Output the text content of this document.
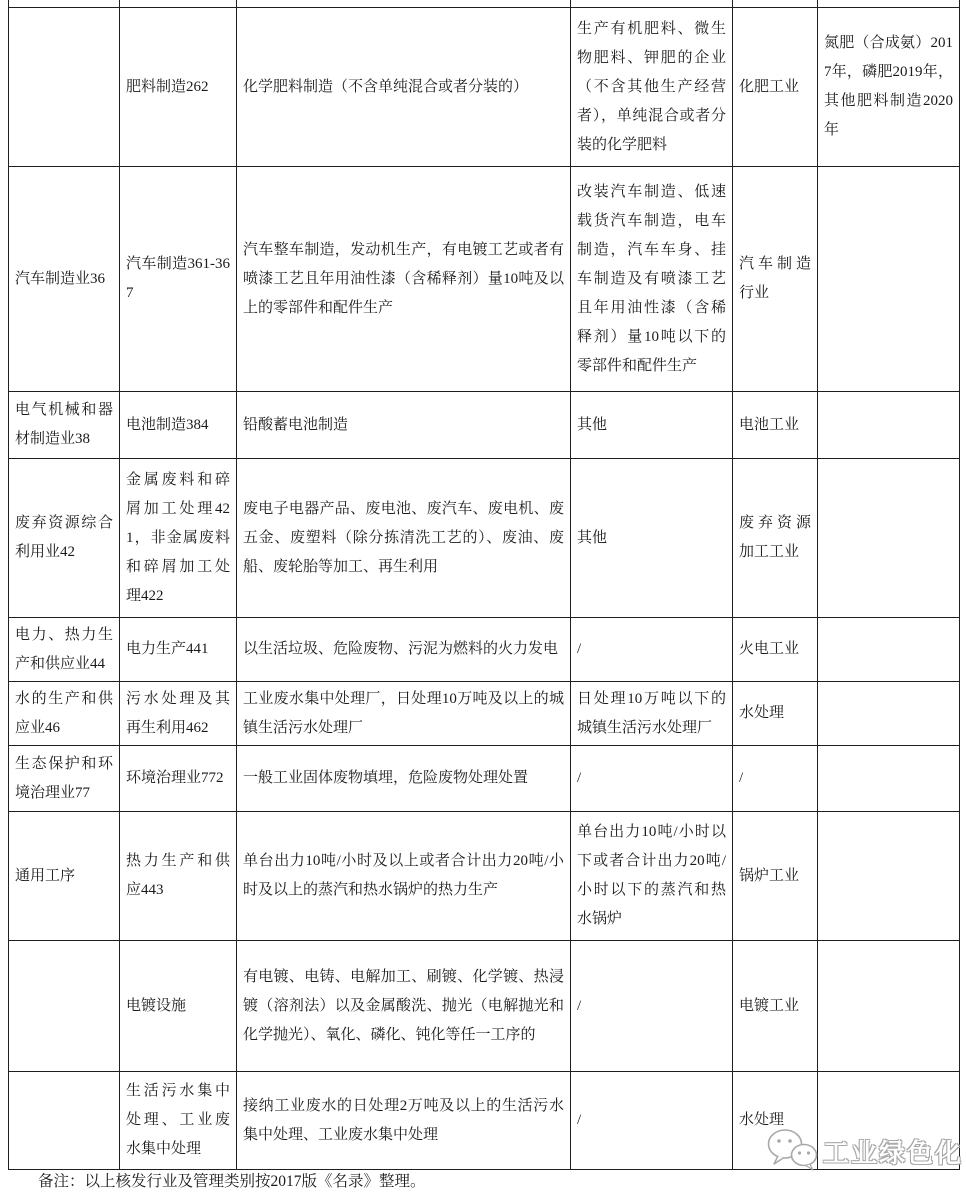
	肥料制造262	化学肥料制造（不含单纯混合或者分装的）	生产有机肥料、微生物肥料、钾肥的企业（不含其他生产经营者），单纯混合或者分装的化学肥料	化肥工业	氮肥（合成氨）2017年，磷肥2019年，其他肥料制造2020年
汽车制造业36	汽车制造361-367	汽车整车制造，发动机生产，有电镀工艺或者有喷漆工艺且年用油性漆（含稀释剂）量10吨及以上的零部件和配件生产	改装汽车制造、低速载货汽车制造，电车制造，汽车车身、挂车制造及有喷漆工艺且年用油性漆（含稀释剂）量10吨以下的零部件和配件生产	汽车制造行业	
电气机械和器材制造业38	电池制造384	铅酸蓄电池制造	其他	电池工业	
废弃资源综合利用业42	金属废料和碎屑加工处理421，非金属废料和碎屑加工处理422	废电子电器产品、废电池、废汽车、废电机、废五金、废塑料（除分拣清洗工艺的）、废油、废船、废轮胎等加工、再生利用	其他	废弃资源加工工业	
电力、热力生产和供应业44	电力生产441	以生活垃圾、危险废物、污泥为燃料的火力发电	/	火电工业	
水的生产和供应业46	污水处理及其再生利用462	工业废水集中处理厂，日处理10万吨及以上的城镇生活污水处理厂	日处理10万吨以下的城镇生活污水处理厂	水处理	
生态保护和环境治理业77	环境治理业772	一般工业固体废物填埋，危险废物处理处置	/	/	
通用工序	热力生产和供应443	单台出力10吨/小时及以上或者合计出力20吨/小时及以上的蒸汽和热水锅炉的热力生产	单台出力10吨/小时以下或者合计出力20吨/小时以下的蒸汽和热水锅炉	锅炉工业	
	电镀设施	有电镀、电铸、电解加工、刷镀、化学镀、热浸镀（溶剂法）以及金属酸洗、抛光（电解抛光和化学抛光）、氧化、磷化、钝化等任一工序的	/	电镀工业	
	生活污水集中处理、工业废水集中处理	接纳工业废水的日处理2万吨及以上的生活污水集中处理、工业废水集中处理	/	水处理	
工业绿色化
备注：以上核发行业及管理类别按2017版《名录》整理。
